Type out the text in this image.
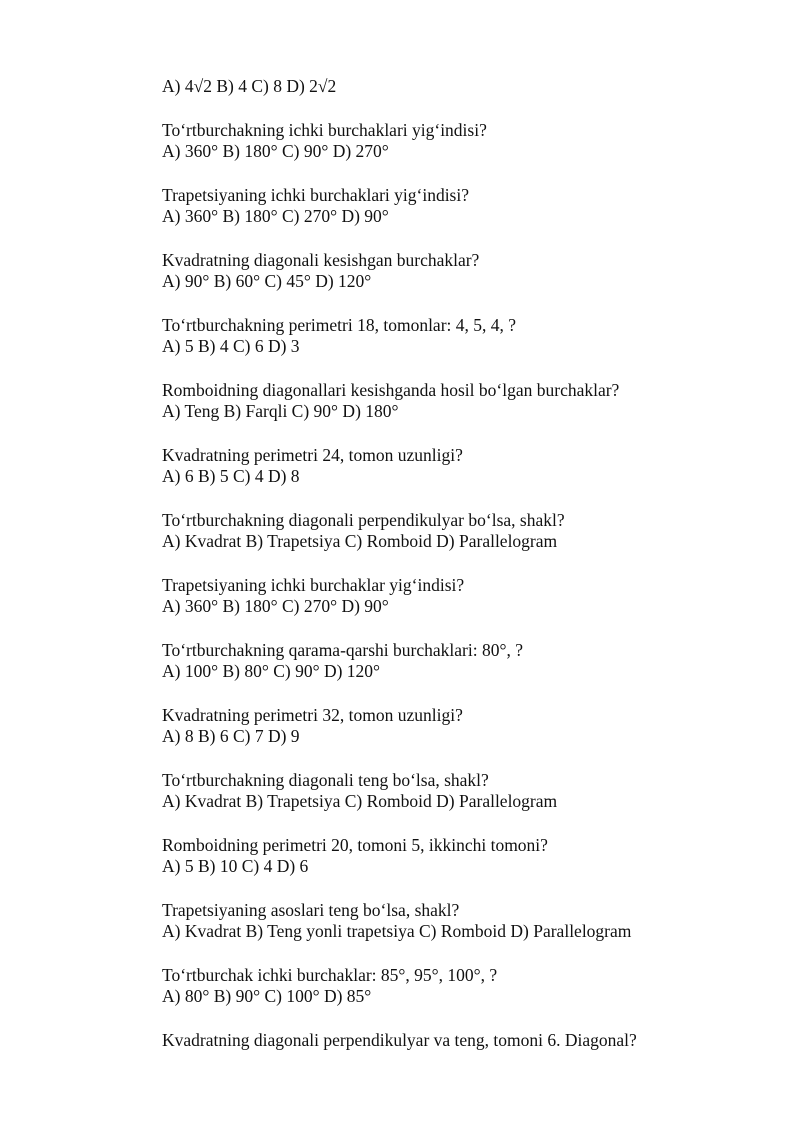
A) 4√2 B) 4 C) 8 D) 2√2
To‘rtburchakning ichki burchaklari yig‘indisi?
A) 360° B) 180° C) 90° D) 270°
Trapetsiyaning ichki burchaklari yig‘indisi?
A) 360° B) 180° C) 270° D) 90°
Kvadratning diagonali kesishgan burchaklar?
A) 90° B) 60° C) 45° D) 120°
To‘rtburchakning perimetri 18, tomonlar: 4, 5, 4, ?
A) 5 B) 4 C) 6 D) 3
Romboidning diagonallari kesishganda hosil bo‘lgan burchaklar?
A) Teng B) Farqli C) 90° D) 180°
Kvadratning perimetri 24, tomon uzunligi?
A) 6 B) 5 C) 4 D) 8
To‘rtburchakning diagonali perpendikulyar bo‘lsa, shakl?
A) Kvadrat B) Trapetsiya C) Romboid D) Parallelogram
Trapetsiyaning ichki burchaklar yig‘indisi?
A) 360° B) 180° C) 270° D) 90°
To‘rtburchakning qarama-qarshi burchaklari: 80°, ?
A) 100° B) 80° C) 90° D) 120°
Kvadratning perimetri 32, tomon uzunligi?
A) 8 B) 6 C) 7 D) 9
To‘rtburchakning diagonali teng bo‘lsa, shakl?
A) Kvadrat B) Trapetsiya C) Romboid D) Parallelogram
Romboidning perimetri 20, tomoni 5, ikkinchi tomoni?
A) 5 B) 10 C) 4 D) 6
Trapetsiyaning asoslari teng bo‘lsa, shakl?
A) Kvadrat B) Teng yonli trapetsiya C) Romboid D) Parallelogram
To‘rtburchak ichki burchaklar: 85°, 95°, 100°, ?
A) 80° B) 90° C) 100° D) 85°
Kvadratning diagonali perpendikulyar va teng, tomoni 6. Diagonal?
